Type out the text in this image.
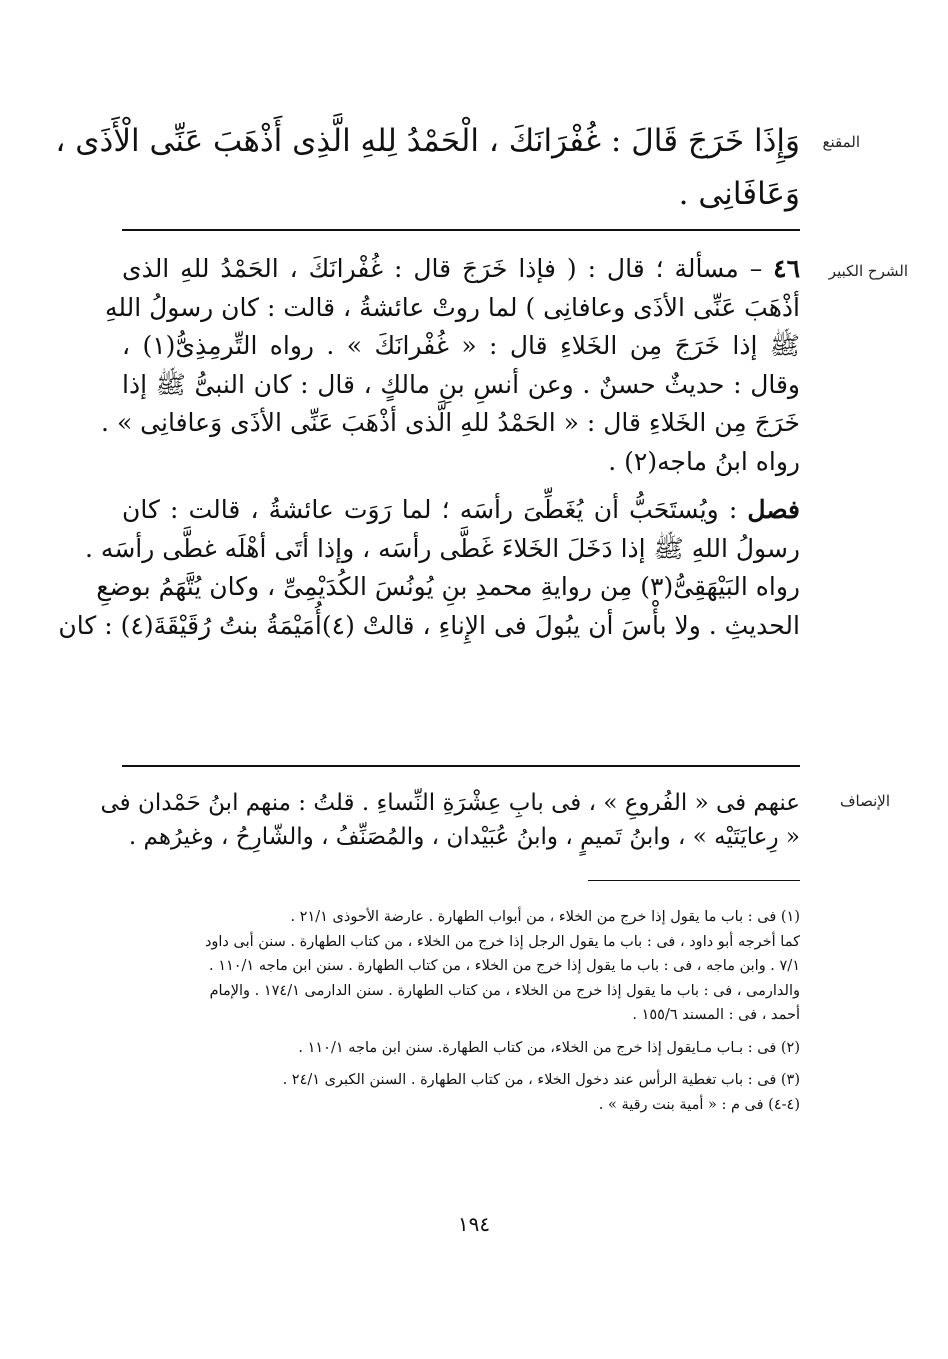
المقنع
وَإِذَا خَرَجَ قَالَ : غُفْرَانَكَ ، الْحَمْدُ لِلهِ الَّذِى أَذْهَبَ عَنِّى الْأَذَى ،
وَعَافَانِى .
الشرح الكبير
٤٦ – مسألة ؛ قال : ( فإذا خَرَجَ قال : غُفْرانَكَ ، الحَمْدُ للهِ الذى
أذْهَبَ عَنِّى الأذَى وعافانِى ) لما روتْ عائشةُ ، قالت : كان رسولُ اللهِ
ﷺ إذا خَرَجَ مِن الخَلاءِ قال : « غُفْرانَكَ » . رواه التِّرمِذِىُّ(١) ،
وقال : حديثٌ حسنٌ . وعن أنسِ بنِ مالكٍ ، قال : كان النبىُّ ﷺ إذا
خَرَجَ مِن الخَلاءِ قال : « الحَمْدُ للهِ الَّذى أذْهَبَ عَنِّى الأذَى وَعافانِى » .
رواه ابنُ ماجه(٢) .
فصل : ويُستَحَبُّ أن يُغَطِّىَ رأسَه ؛ لما رَوَت عائشةُ ، قالت : كان
رسولُ اللهِ ﷺ إذا دَخَلَ الخَلاءَ غَطَّى رأسَه ، وإذا أتَى أهْلَه غطَّى رأسَه .
رواه البَيْهَقِىُّ(٣) مِن روايةِ محمدِ بنِ يُونُسَ الكُدَيْمِىِّ ، وكان يُتَّهَمُ بوضعِ
الحديثِ . ولا بأْسَ أن يبُولَ فى الإِناءِ ، قالتْ (٤)أُمَيْمَةُ بنتُ رُقَيْقَةَ(٤) : كان
الإنصاف
عنهم فى « الفُروعِ » ، فى بابِ عِشْرَةِ النِّساءِ . قلتُ : منهم ابنُ حَمْدان فى
« رِعايَتَيْه » ، وابنُ تَميمٍ ، وابنُ عُبَيْدان ، والمُصَنِّفُ ، والشّارِحُ ، وغيرُهم .
(١) فى : باب ما يقول إذا خرج من الخلاء ، من أبواب الطهارة . عارضة الأحوذى ٢١/١ .
كما أخرجه أبو داود ، فى : باب ما يقول الرجل إذا خرج من الخلاء ، من كتاب الطهارة . سنن أبى داود
٧/١ . وابن ماجه ، فى : باب ما يقول إذا خرج من الخلاء ، من كتاب الطهارة . سنن ابن ماجه ١١٠/١ .
والدارمى ، فى : باب ما يقول إذا خرج من الخلاء ، من كتاب الطهارة . سنن الدارمى ١٧٤/١ . والإمام
أحمد ، فى : المسند ١٥٥/٦ .
(٢) فى : بـاب مـايقول إذا خرج من الخلاء، من كتاب الطهارة. سنن ابن ماجه ١١٠/١ .
(٣) فى : باب تغطية الرأس عند دخول الخلاء ، من كتاب الطهارة . السنن الكبرى ٢٤/١ .
(٤-٤) فى م : « أمية بنت رقية » .
١٩٤
